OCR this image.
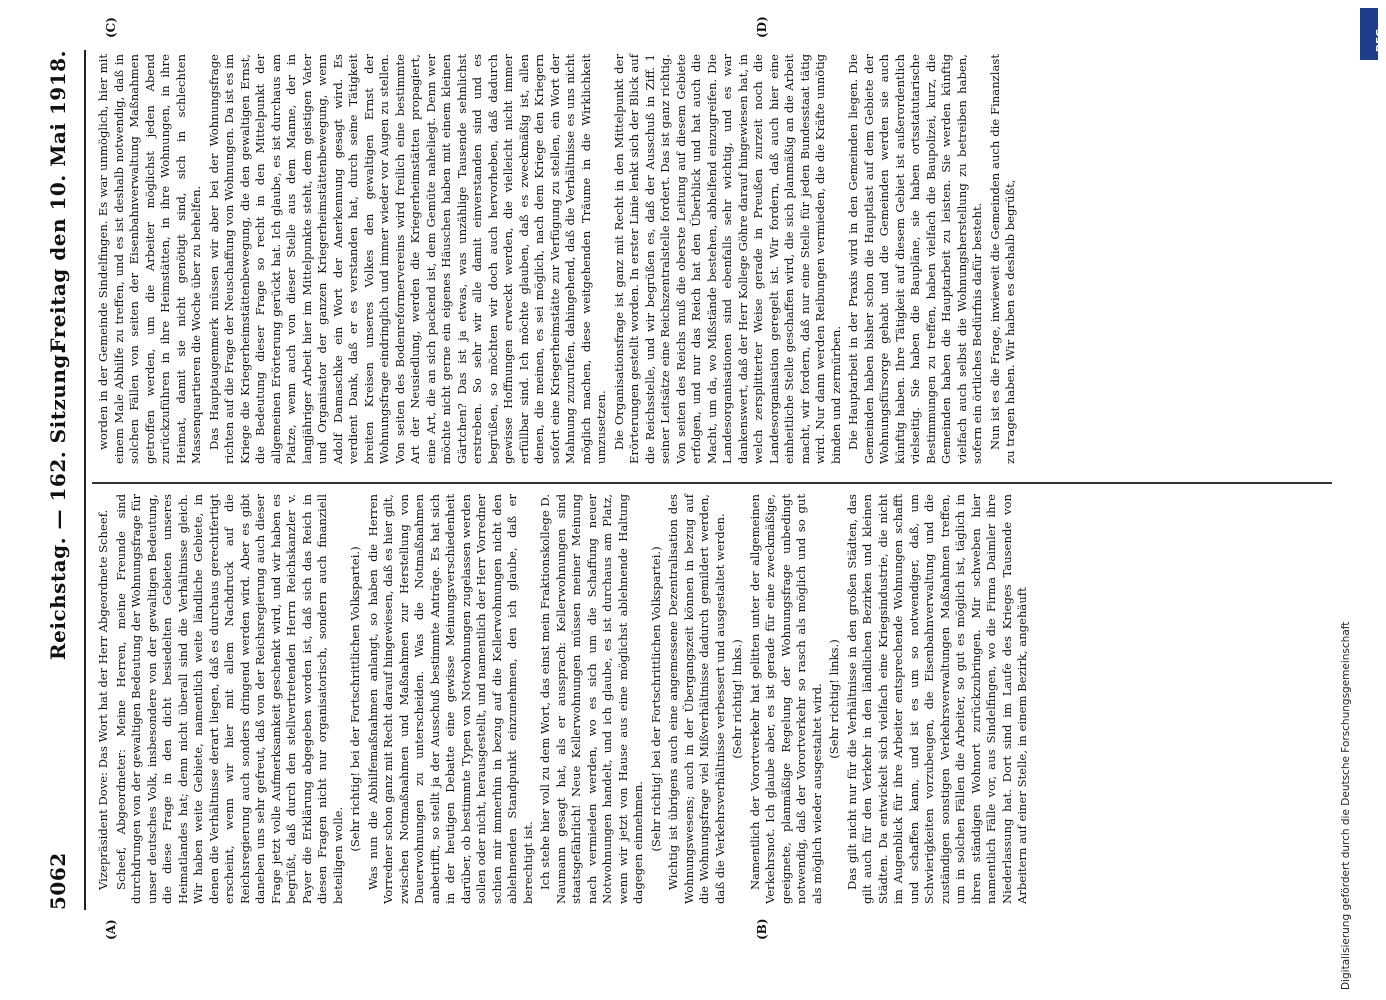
5062
Reichstag. — 162. Sitzung.
Freitag den 10. Mai 1918.
(A)	(B)
(C)	(D)

Vizepräsident Dove: Das Wort hat der Herr Abgeordnete Scheef. Scheef, Abgeordneter: Meine Herren, meine Freunde sind durchdrungen von der gewaltigen Bedeutung der Wohnungsfrage für unser deutsches Volk, insbesondere von der gewaltigen Bedeutung, die diese Frage in den dicht besiedelten Gebieten unseres Heimatlandes hat; denn nicht überall sind die Verhältnisse gleich. Wir haben weite Gebiete, namentlich weite ländliche Gebiete, in denen die Verhältnisse derart liegen, daß es durchaus gerechtfertigt erscheint, wenn wir hier mit allem Nachdruck auf die Reichsregierung auch sonders dringend werden wird. Aber es gibt daneben uns sehr gefreut, daß von der Reichsregierung auch dieser Frage jetzt volle Aufmerksamkeit geschenkt wird, und wir haben es begrüßt, daß durch den stellvertretenden Herrn Reichskanzler v. Payer die Erklärung abgegeben worden ist, daß sich das Reich in diesen Fragen nicht nur organisatorisch, sondern auch finanziell beteiligen wolle.

(Sehr richtig! bei der Fortschrittlichen Volkspartei.) Was nun die Abhilfemaßnahmen anlangt, so haben die Herren Vorredner schon ganz mit Recht darauf hingewiesen, daß es hier gilt, zwischen Notmaßnahmen und Maßnahmen zur Herstellung von Dauerwohnungen zu unterscheiden. Was die Notmaßnahmen anbetrifft, so stellt ja der Ausschuß bestimmte Anträge. Es hat sich in der heutigen Debatte eine gewisse Meinungsverschiedenheit darüber, ob bestimmte Typen von Notwohnungen zugelassen werden sollen oder nicht, herausgestellt, und namentlich der Herr Vorredner schien mir immerhin in bezug auf die Kellerwohnungen nicht den ablehnenden Standpunkt einzunehmen, den ich glaube, daß er berechtigt ist. Ich stehe hier voll zu dem Wort, das einst mein Fraktionskollege D. Naumann gesagt hat, als er aussprach: Kellerwohnungen sind staatsgefährlich! Neue Kellerwohnungen müssen meiner Meinung nach vermieden werden, wo es sich um die Schaffung neuer Notwohnungen handelt, und ich glaube, es ist durchaus am Platz, wenn wir jetzt von Hause aus eine möglichst ablehnende Haltung dagegen einnehmen. (Sehr richtig! bei der Fortschrittlichen Volkspartei.) Wichtig ist übrigens auch eine angemessene Dezentralisation des Wohnungswesens; auch in der Übergangszeit können in bezug auf die Wohnungsfrage viel Mißverhältnisse dadurch gemildert werden, daß die Verkehrsverhältnisse verbessert und ausgestaltet werden. (Sehr richtig! links.) Namentlich der Vorortverkehr hat gelitten unter der allgemeinen Verkehrsnot. Ich glaube aber, es ist gerade für eine zweckmäßige, geeignete, planmäßige Regelung der Wohnungsfrage unbedingt notwendig, daß der Vorortverkehr so rasch als möglich und so gut als möglich wieder ausgestaltet wird. (Sehr richtig! links.) Das gilt nicht nur für die Verhältnisse in den großen Städten, das gilt auch für den Verkehr in den ländlichen Bezirken und kleinen Städten. Da entwickelt sich vielfach eine Kriegsindustrie, die nicht im Augenblick für ihre Arbeiter entsprechende Wohnungen schafft und schaffen kann, und ist es um so notwendiger, daß, um Schwierigkeiten vorzubeugen, die Eisenbahnverwaltung und die zuständigen sonstigen Verkehrsverwaltungen Maßnahmen treffen, um in solchen Fällen die Arbeiter, so gut es möglich ist, täglich in ihren ständigen Wohnort zurückzubringen. Mir schweben hier namentlich Fälle vor, aus Sindelfingen, wo die Firma Daimler ihre Niederlassung hat. Dort sind im Laufe des Krieges Tausende von Arbeitern auf einer Stelle, in einem Bezirk, angehäuft

worden in der Gemeinde Sindelfingen. Es war unmöglich, hier mit einem Male Abhilfe zu treffen, und es ist deshalb notwendig, daß in solchen Fällen von seiten der Eisenbahnverwaltung Maßnahmen getroffen werden, um die Arbeiter möglichst jeden Abend zurückzuführen in ihre Heimstätten, in ihre Wohnungen, in ihre Heimat, damit sie nicht genötigt sind, sich in schlechten Massenquartieren die Woche über zu behelfen. Das Hauptaugenmerk müssen wir aber bei der Wohnungsfrage richten auf die Frage der Neuschaffung von Wohnungen. Da ist es im Kriege die Kriegerheimstättenbewegung, die den gewaltigen Ernst, die Bedeutung dieser Frage so recht in den Mittelpunkt der allgemeinen Erörterung gerückt hat. Ich glaube, es ist durchaus am Platze, wenn auch von dieser Stelle aus dem Manne, der in langjähriger Arbeit hier im Mittelpunkte steht, dem geistigen Vater und Organisator der ganzen Kriegerheimstättenbewegung, wenn Adolf Damaschke ein Wort der Anerkennung gesagt wird. Es verdient Dank, daß er es verstanden hat, durch seine Tätigkeit breiten Kreisen unseres Volkes den gewaltigen Ernst der Wohnungsfrage eindringlich und immer wieder vor Augen zu stellen. Von seiten des Bodenreformervereins wird freilich eine bestimmte Art der Neusiedlung, werden die Kriegerheimstätten propagiert, eine Art, die an sich packend ist, dem Gemüte naheliegt. Denn wer möchte nicht gerne ein eigenes Häuschen haben mit einem kleinen Gärtchen? Das ist ja etwas, was unzählige Tausende sehnlichst erstreben. So sehr wir alle damit einverstanden sind und es begrüßen, so möchten wir doch auch hervorheben, daß dadurch gewisse Hoffnungen erweckt werden, die vielleicht nicht immer erfüllbar sind. Ich möchte glauben, daß es zweckmäßig ist, allen denen, die meinen, es sei möglich, nach dem Kriege den Kriegern sofort eine Kriegerheimstätte zur Verfügung zu stellen, ein Wort der Mahnung zuzurufen, dahingehend, daß die Verhältnisse es uns nicht möglich machen, diese weitgehenden Träume in die Wirklichkeit umzusetzen. Die Organisationsfrage ist ganz mit Recht in den Mittelpunkt der Erörterungen gestellt worden. In erster Linie lenkt sich der Blick auf die Reichsstelle, und wir begrüßen es, daß der Ausschuß in Ziff. 1 seiner Leitsätze eine Reichszentralstelle fordert. Das ist ganz richtig. Von seiten des Reichs muß die oberste Leitung auf diesem Gebiete erfolgen, und nur das Reich hat den Überblick und hat auch die Macht, um da, wo Mißstände bestehen, abhelfend einzugreifen. Die Landesorganisationen sind ebenfalls sehr wichtig, und es war dankenswert, daß der Herr Kollege Göhre darauf hingewiesen hat, in welch zersplitterter Weise gerade in Preußen zurzeit noch die Landesorganisation geregelt ist. Wir fordern, daß auch hier eine einheitliche Stelle geschaffen wird, die sich planmäßig an die Arbeit macht, wir fordern, daß nur eine Stelle für jeden Bundesstaat tätig wird. Nur dann werden Reibungen vermieden, die die Kräfte unnötig binden und zermürben. Die Hauptarbeit in der Praxis wird in den Gemeinden liegen. Die Gemeinden haben bisher schon die Hauptlast auf dem Gebiete der Wohnungsfürsorge gehabt und die Gemeinden werden sie auch künftig haben. Ihre Tätigkeit auf diesem Gebiet ist außerordentlich vielseitig. Sie haben die Baupläne, sie haben ortsstatutarische Bestimmungen zu treffen, haben vielfach die Baupolizei, kurz, die Gemeinden haben die Hauptarbeit zu leisten. Sie werden künftig vielfach auch selbst die Wohnungsherstellung zu betreiben haben, sofern ein örtliches Bedürfnis dafür besteht. Nun ist es die Frage, inwieweit die Gemeinden auch die Finanzlast zu tragen haben. Wir haben es deshalb begrüßt,

DFG
Digitalisierung gefördert durch die Deutsche Forschungsgemeinschaft
